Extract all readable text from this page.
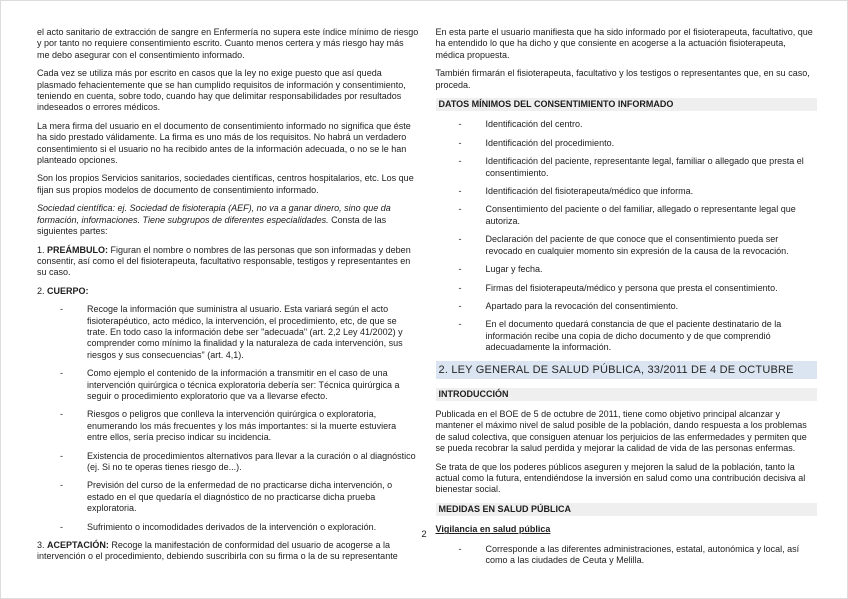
el acto sanitario de extracción de sangre en Enfermería no supera este índice mínimo de riesgo y por tanto no requiere consentimiento escrito. Cuanto menos certera y más riesgo hay más me debo asegurar con el consentimiento informado.

Cada vez se utiliza más por escrito en casos que la ley no exige puesto que así queda plasmado fehacientemente que se han cumplido requisitos de información y consentimiento, teniendo en cuenta, sobre todo, cuando hay que delimitar responsabilidades por resultados indeseados o errores médicos.

La mera firma del usuario en el documento de consentimiento informado no significa que éste ha sido prestado válidamente. La firma es uno más de los requisitos. No habrá un verdadero consentimiento si el usuario no ha recibido antes de la información adecuada, o no se le han planteado opciones.

Son los propios Servicios sanitarios, sociedades científicas, centros hospitalarios, etc. Los que fijan sus propios modelos de documento de consentimiento informado.

Sociedad científica: ej. Sociedad de fisioterapia (AEF), no va a ganar dinero, sino que da formación, informaciones. Tiene subgrupos de diferentes especialidades. Consta de las siguientes partes:

1. PREÁMBULO: Figuran el nombre o nombres de las personas que son informadas y deben consentir, así como el del fisioterapeuta, facultativo responsable, testigos y representantes en su caso.

2. CUERPO:

-	Recoge la información que suministra al usuario. Esta variará según el acto fisioterapéutico, acto médico, la intervención, el procedimiento, etc, de que se trate. En todo caso la información debe ser "adecuada" (art. 2,2 Ley 41/2002) y comprender como mínimo la finalidad y la naturaleza de cada intervención, sus riesgos y sus consecuencias" (art. 4,1).
-	Como ejemplo el contenido de la información a transmitir en el caso de una intervención quirúrgica o técnica exploratoria debería ser: Técnica quirúrgica a seguir o procedimiento exploratorio que va a llevarse efecto.
-	Riesgos o peligros que conlleva la intervención quirúrgica o exploratoria, enumerando los más frecuentes y los más importantes: si la muerte estuviera entre ellos, sería preciso indicar su incidencia.
-	Existencia de procedimientos alternativos para llevar a la curación o al diagnóstico (ej. Si no te operas tienes riesgo de...).
-	Previsión del curso de la enfermedad de no practicarse dicha intervención, o estado en el que quedaría el diagnóstico de no practicarse dicha prueba exploratoria.
-	Sufrimiento o incomodidades derivados de la intervención o exploración.

3. ACEPTACIÓN: Recoge la manifestación de conformidad del usuario de acogerse a la intervención o el procedimiento, debiendo suscribirla con su firma o la de su representante

En esta parte el usuario manifiesta que ha sido informado por el fisioterapeuta, facultativo, que ha entendido lo que ha dicho y que consiente en acogerse a la actuación fisioterapeuta, médica propuesta.

También firmarán el fisioterapeuta, facultativo y los testigos o representantes que, en su caso, proceda.

DATOS MÍNIMOS DEL CONSENTIMIENTO INFORMADO
-	Identificación del centro.
-	Identificación del procedimiento.
-	Identificación del paciente, representante legal, familiar o allegado que presta el consentimiento.
-	Identificación del fisioterapeuta/médico que informa.
-	Consentimiento del paciente o del familiar, allegado o representante legal que autoriza.
-	Declaración del paciente de que conoce que el consentimiento pueda ser revocado en cualquier momento sin expresión de la causa de la revocación.
-	Lugar y fecha.
-	Firmas del fisioterapeuta/médico y persona que presta el consentimiento.
-	Apartado para la revocación del consentimiento.
-	En el documento quedará constancia de que el paciente destinatario de la información recibe una copia de dicho documento y de que comprendió adecuadamente la información.
2. LEY GENERAL DE SALUD PÚBLICA, 33/2011 DE 4 DE OCTUBRE
INTRODUCCIÓN

Publicada en el BOE de 5 de octubre de 2011, tiene como objetivo principal alcanzar y mantener el máximo nivel de salud posible de la población, dando respuesta a los problemas de salud colectiva, que consiguen atenuar los perjuicios de las enfermedades y permiten que se pueda recobrar la salud perdida y mejorar la calidad de vida de las personas enfermas.

Se trata de que los poderes públicos aseguren y mejoren la salud de la población, tanto la actual como la futura, entendiéndose la inversión en salud como una contribución decisiva al bienestar social.

MEDIDAS EN SALUD PÚBLICA
Vigilancia en salud pública
-	Corresponde a las diferentes administraciones, estatal, autonómica y local, así como a las ciudades de Ceuta y Melilla.
2
